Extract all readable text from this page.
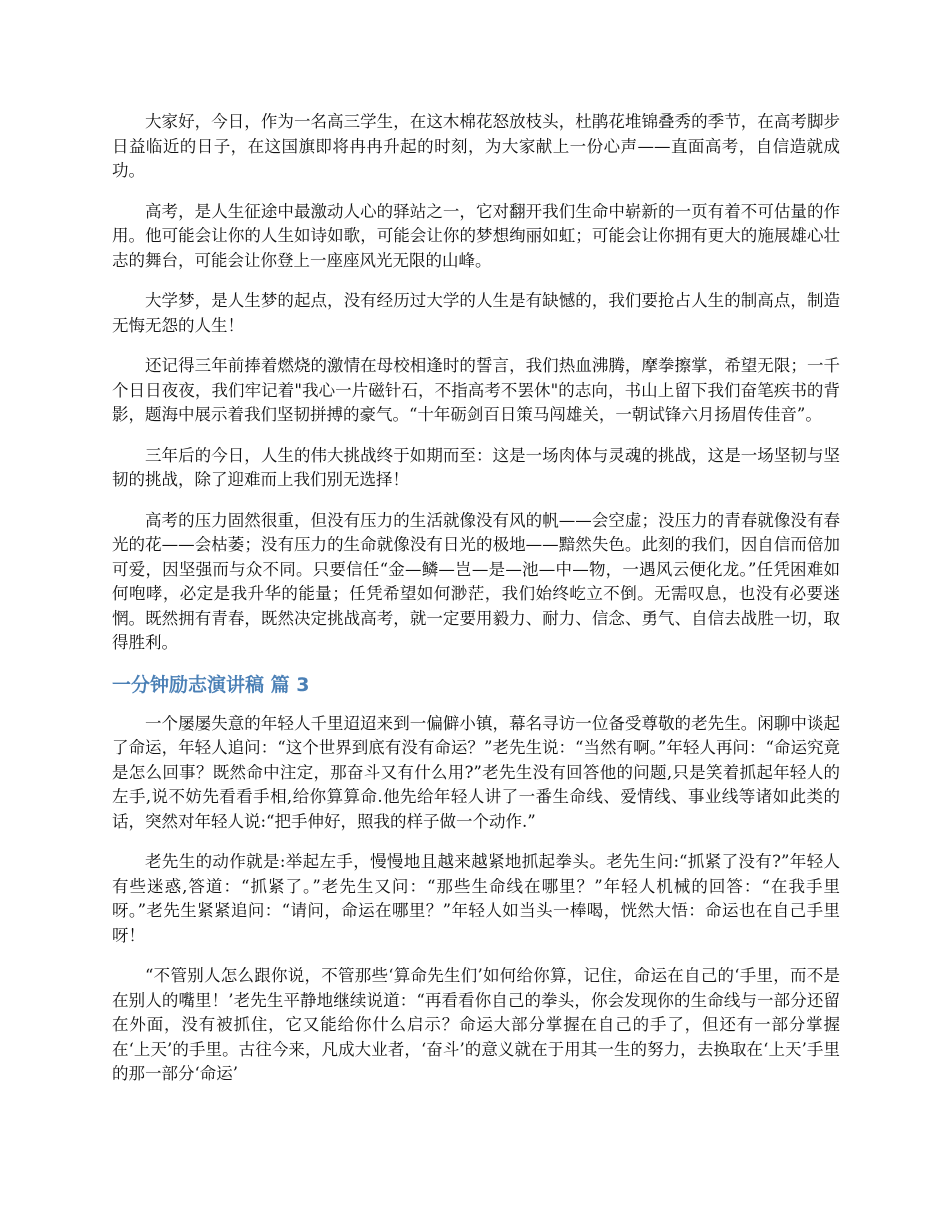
大家好，今日，作为一名高三学生，在这木棉花怒放枝头，杜鹃花堆锦叠秀的季节，在高考脚步日益临近的日子，在这国旗即将冉冉升起的时刻，为大家献上一份心声——直面高考，自信造就成功。

高考，是人生征途中最激动人心的驿站之一，它对翻开我们生命中崭新的一页有着不可估量的作用。他可能会让你的人生如诗如歌，可能会让你的梦想绚丽如虹；可能会让你拥有更大的施展雄心壮志的舞台，可能会让你登上一座座风光无限的山峰。

大学梦，是人生梦的起点，没有经历过大学的人生是有缺憾的，我们要抢占人生的制高点，制造无悔无怨的人生！

还记得三年前捧着燃烧的激情在母校相逢时的誓言，我们热血沸腾，摩拳擦掌，希望无限；一千个日日夜夜，我们牢记着"我心一片磁针石，不指高考不罢休"的志向，书山上留下我们奋笔疾书的背影，题海中展示着我们坚韧拼搏的豪气。“十年砺剑百日策马闯雄关，一朝试锋六月扬眉传佳音”。

三年后的今日，人生的伟大挑战终于如期而至：这是一场肉体与灵魂的挑战，这是一场坚韧与坚韧的挑战，除了迎难而上我们别无选择！

高考的压力固然很重，但没有压力的生活就像没有风的帆——会空虚；没压力的青春就像没有春光的花——会枯萎；没有压力的生命就像没有日光的极地——黯然失色。此刻的我们，因自信而倍加可爱，因坚强而与众不同。只要信任“金—鳞—岂—是—池—中—物，一遇风云便化龙。”任凭困难如何咆哮，必定是我升华的能量；任凭希望如何渺茫，我们始终屹立不倒。无需叹息，也没有必要迷惘。既然拥有青春，既然决定挑战高考，就一定要用毅力、耐力、信念、勇气、自信去战胜一切，取得胜利。

一分钟励志演讲稿 篇 3

一个屡屡失意的年轻人千里迢迢来到一偏僻小镇，幕名寻访一位备受尊敬的老先生。闲聊中谈起了命运，年轻人追问：“这个世界到底有没有命运？”老先生说：“当然有啊。”年轻人再问：“命运究竟是怎么回事？既然命中注定，那奋斗又有什么用?”老先生没有回答他的问题,只是笑着抓起年轻人的左手,说不妨先看看手相,给你算算命.他先给年轻人讲了一番生命线、爱情线、事业线等诸如此类的话，突然对年轻人说:“把手伸好，照我的样子做一个动作.”

老先生的动作就是:举起左手，慢慢地且越来越紧地抓起拳头。老先生问:“抓紧了没有?”年轻人有些迷惑,答道：“抓紧了。”老先生又问：“那些生命线在哪里？”年轻人机械的回答：“在我手里呀。”老先生紧紧追问：“请问，命运在哪里？”年轻人如当头一棒喝，恍然大悟：命运也在自己手里呀！

“不管别人怎么跟你说，不管那些‘算命先生们’如何给你算，记住，命运在自己的‘手里，而不是在别人的嘴里！’老先生平静地继续说道：“再看看你自己的拳头，你会发现你的生命线与一部分还留在外面，没有被抓住，它又能给你什么启示？命运大部分掌握在自己的手了，但还有一部分掌握在‘上天’的手里。古往今来，凡成大业者，‘奋斗’的意义就在于用其一生的努力，去换取在‘上天’手里的那一部分‘命运’
